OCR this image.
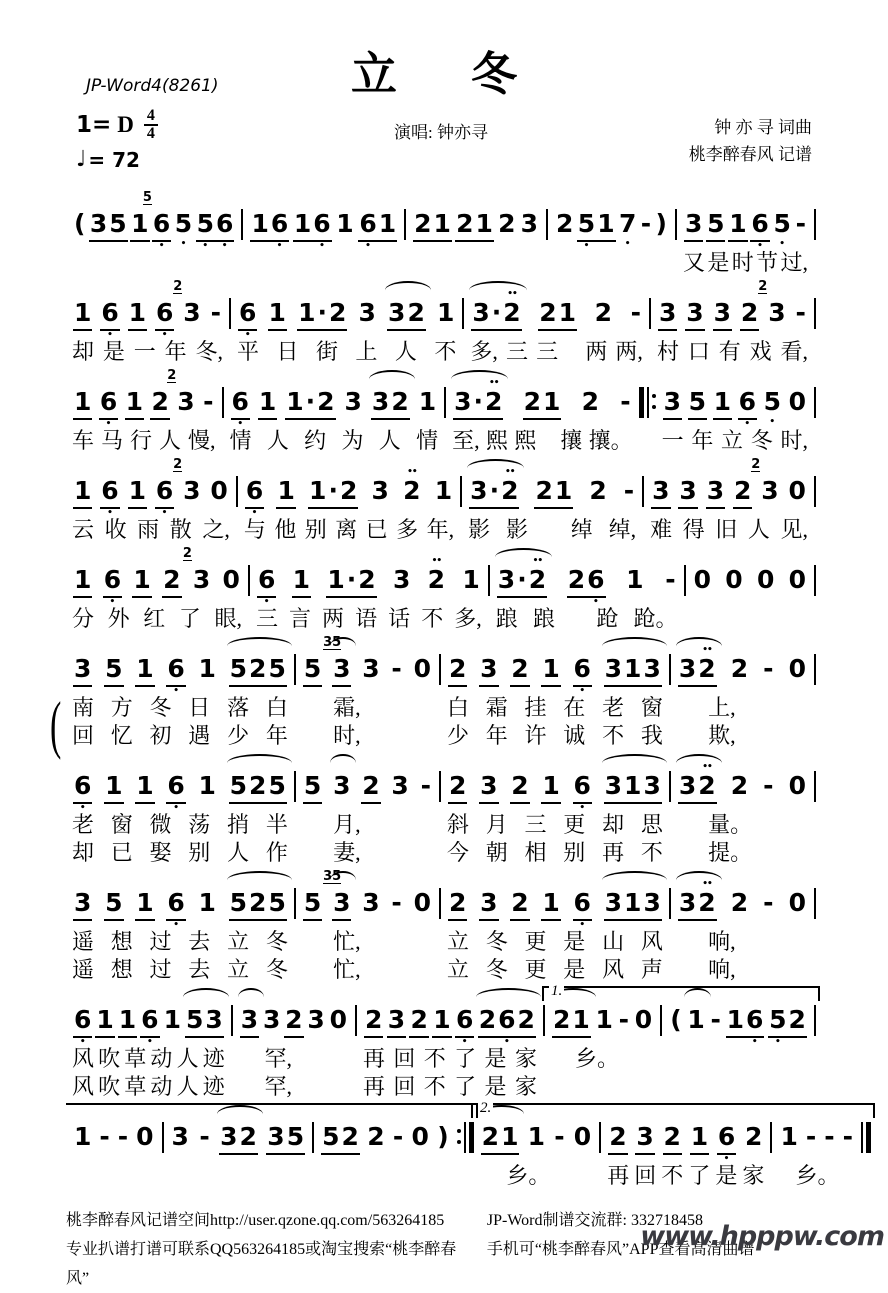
JP-Word4(8261)	立　冬
1= D $\frac{4}{4}$
♩ = 72
演唱: 钟亦寻	钟 亦 寻 词曲
桃李醉春风 记谱
( 3 5 1
5
6
•
5
•
5
•
6
•
1 6
•
1 6
•
1 6
•
1 2 1 2 1 2 3 2 5
•
1 7
•
- ) 3 5 1 6
•
5
•
-
又 是 时 节 过,
1 6
•
1 6
•
2
3 -
却 是 一 年 冬,
6
•
1 1 · 2 3 3 2 1
平 日 街 上 人 不
3 ·
••
2 2 1 2 -
多, 三 三
  两 两,
3 3 3 2
2
3 -
村 口 有 戏 看,
1 6
•
1 2
2
3 -
车 马 行 人 慢,
6
•
1 1 · 2 3 3 2 1
情 人 约 为 人 情
3 ·
••
2 2 1 2 -
至, 熙 熙
  攘 攘。
3 5 1 6
•
5
•
0
一 年 立 冬 时,
1 6
•
1 6
•
2
3 0
云 收 雨 散 之,
6
•
1 1 · 2 3
••
2 1
与 他 别 离 已 多 年,
3 ·
••
2 2 1 2 -
影 影
  绰 绰,
3 3 3 2
2
3 0
难 得 旧 人 见,
1 6
•
1 2
2
3 0
分 外 红 了 眼,
6
•
1 1 · 2 3
••
2 1
三 言 两 语 话 不 多,
3 ·
••
2 2 6
•
1 -
踉 踉
  跄 跄。
0 0 0 0
3 5 1 6
•
1 5 2 5
南 方 冬 日 落 白
回 忆 初 遇 少 年
5
35
3 3 - 0
霜,
时,
2 3 2 1 6
•
3 1 3
白 霜 挂 在 老 窗
少 年 许 诚 不 我
3
••
2 2 - 0
上,
欺,
(
6
•
1 1 6
•
1 5 2 5
老 窗 微 荡 捎 半
却 已 娶 别 人 作
5 3 2 3 -
月,
妻,
2 3 2 1 6
•
3 1 3
斜 月 三 更 却 思
今 朝 相 别 再 不
3
••
2 2 - 0
量。
提。
3 5 1 6
•
1 5 2 5
遥 想 过 去 立 冬
遥 想 过 去 立 冬
5
35
3 3 - 0
忙,
忙,
2 3 2 1 6
•
3 1 3
立 冬 更 是 山 风
立 冬 更 是 风 声
3
••
2 2 - 0
响,
响,
6
•
1 1 6
•
1 5 3
风 吹 草 动 人 迹
风 吹 草 动 人 迹
3 3 2 3 0
罕,
罕,
2 3 2 1 6
•
2 6
•
2
再 回 不 了 是 家
再 回 不 了 是 家
2 1 1 - 0
乡。
( 1 - 1 6
•
5
•
2
1.
1 - - 0 3 - 3 2 3 5 5 2 2 - 0 ) 2 1 1 - 0
乡。
2 3 2 1 6
•
2
再 回 不 了 是 家
1 - - -
乡。
2.
桃李醉春风记谱空间http://user.qzone.qq.com/563264185
专业扒谱打谱可联系QQ563264185或淘宝搜索“桃李醉春风”
JP-Word制谱交流群: 332718458
手机可“桃李醉春风”APP查看高清曲谱
www.hpppw.com
